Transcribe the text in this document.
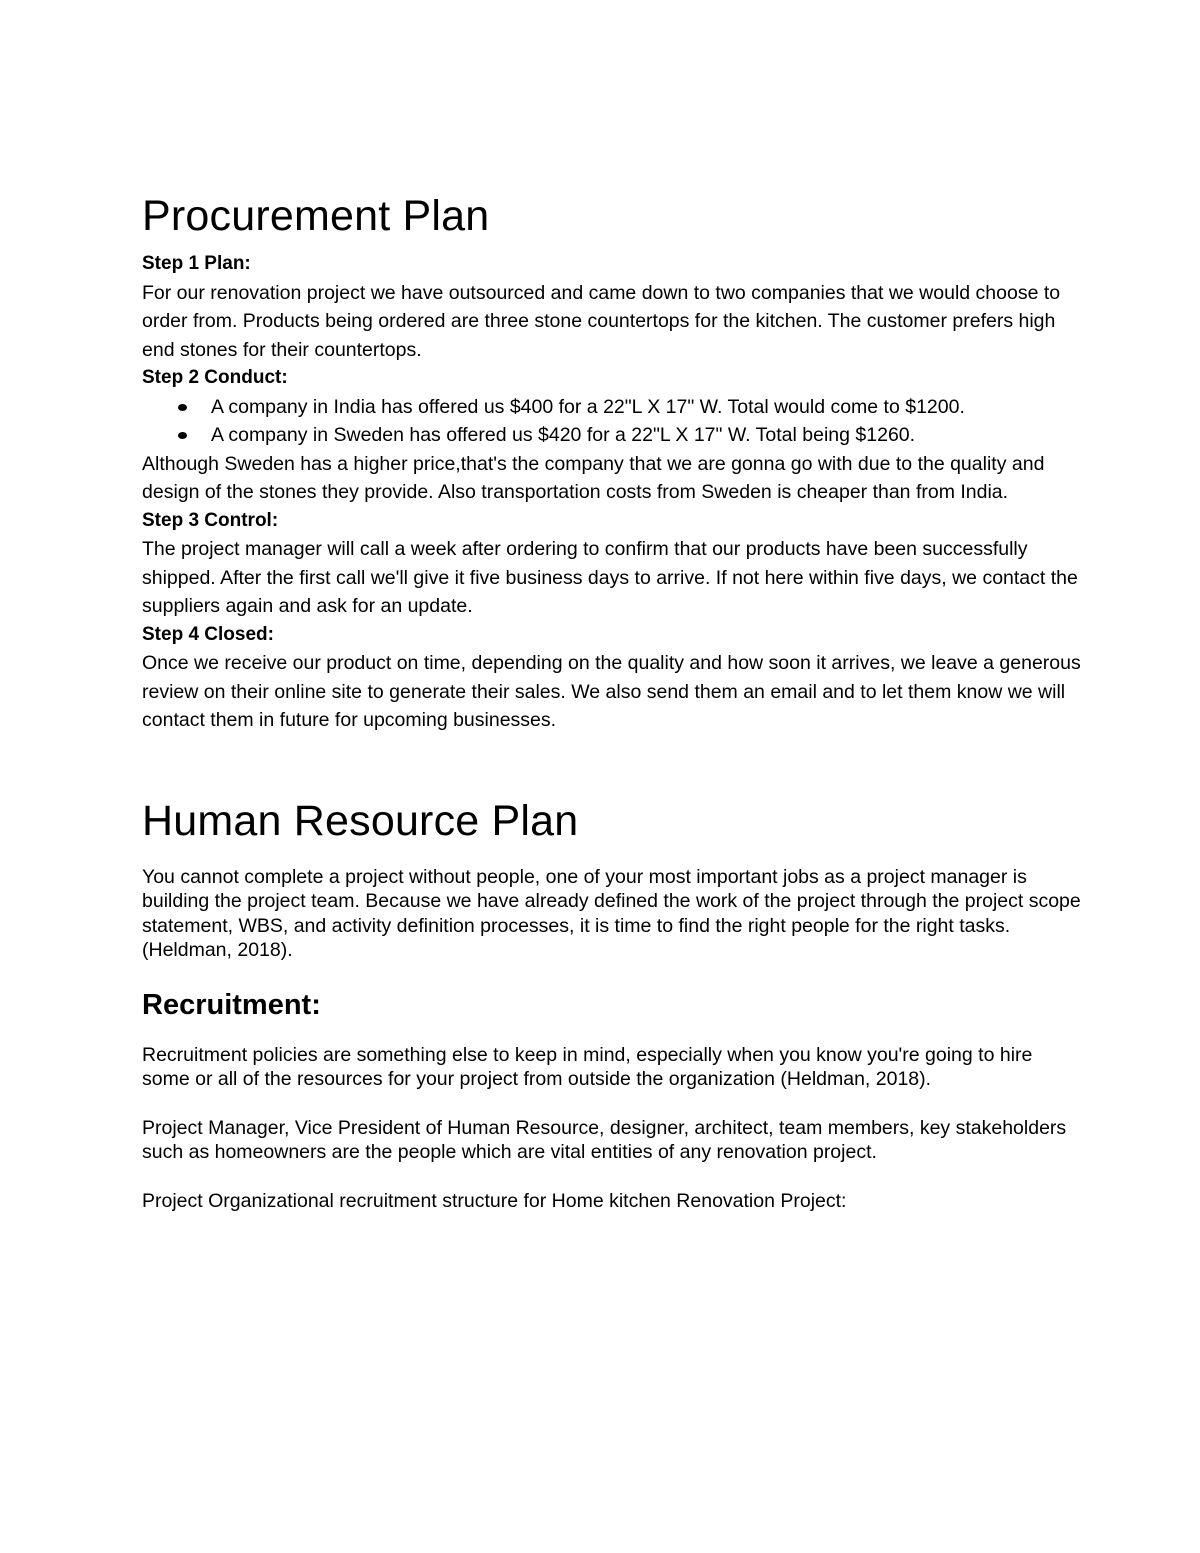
Procurement Plan

Step 1 Plan:

For our renovation project we have outsourced and came down to two companies that we would choose to order from. Products being ordered are three stone countertops for the kitchen. The customer prefers high end stones for their countertops.

Step 2 Conduct:

A company in India has offered us $400 for a 22"L X 17" W. Total would come to $1200.
A company in Sweden has offered us $420 for a 22"L X 17" W. Total being $1260.

Although Sweden has a higher price,that's the company that we are gonna go with due to the quality and design of the stones they provide. Also transportation costs from Sweden is cheaper than from India.

Step 3 Control:

The project manager will call a week after ordering to confirm that our products have been successfully shipped. After the first call we'll give it five business days to arrive. If not here within five days, we contact the suppliers again and ask for an update.

Step 4 Closed:

Once we receive our product on time, depending on the quality and how soon it arrives, we leave a generous review on their online site to generate their sales. We also send them an email and to let them know we will contact them in future for upcoming businesses.

Human Resource Plan

You cannot complete a project without people, one of your most important jobs as a project manager is building the project team. Because we have already defined the work of the project through the project scope statement, WBS, and activity definition processes, it is time to find the right people for the right tasks. (Heldman, 2018).

Recruitment:

Recruitment policies are something else to keep in mind, especially when you know you're going to hire some or all of the resources for your project from outside the organization (Heldman, 2018).

Project Manager, Vice President of Human Resource, designer, architect, team members, key stakeholders such as homeowners are the people which are vital entities of any renovation project.

Project Organizational recruitment structure for Home kitchen Renovation Project:
